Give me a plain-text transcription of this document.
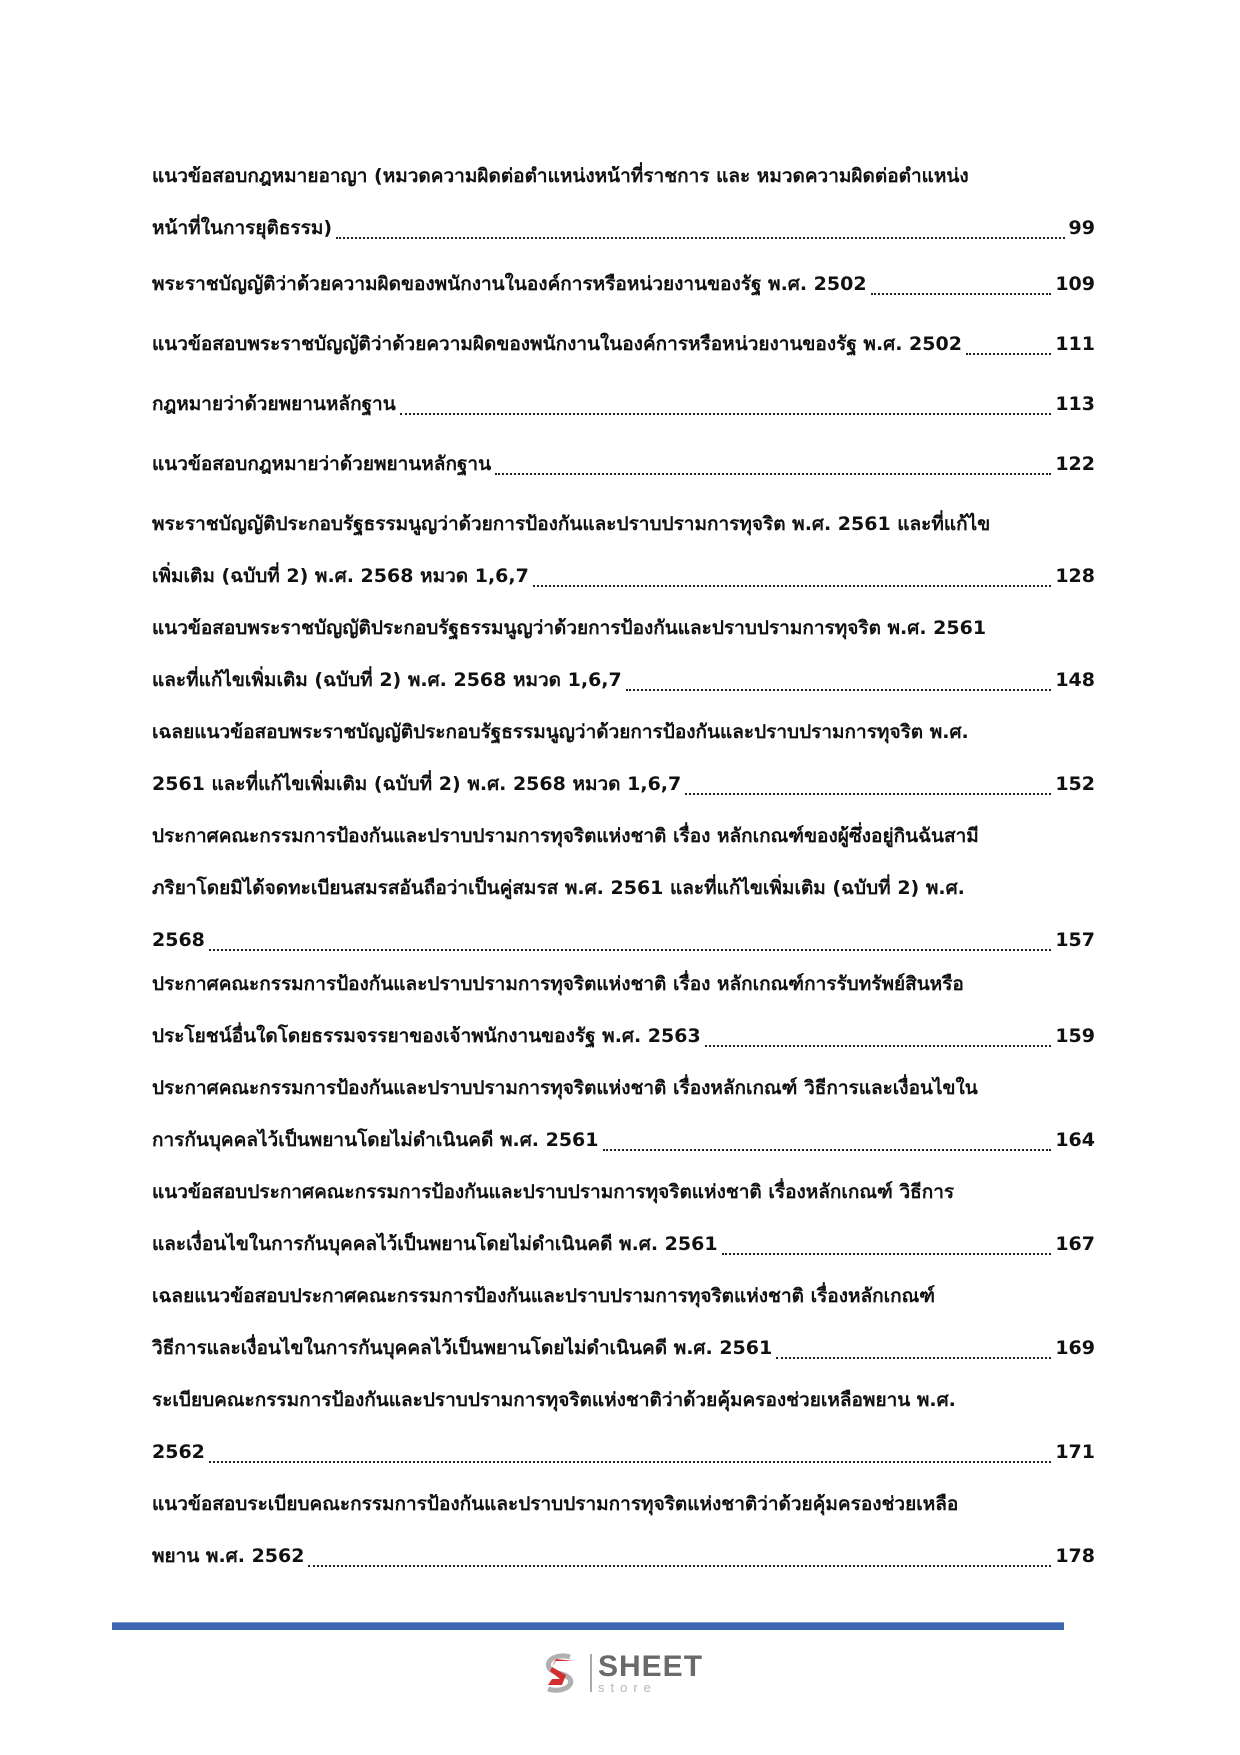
แนวข้อสอบกฎหมายอาญา (หมวดความผิดต่อตำแหน่งหน้าที่ราชการ และ หมวดความผิดต่อตำแหน่ง
หน้าที่ในการยุติธรรม)	99
พระราชบัญญัติว่าด้วยความผิดของพนักงานในองค์การหรือหน่วยงานของรัฐ พ.ศ. 2502	109
แนวข้อสอบพระราชบัญญัติว่าด้วยความผิดของพนักงานในองค์การหรือหน่วยงานของรัฐ พ.ศ. 2502	111
กฎหมายว่าด้วยพยานหลักฐาน	113
แนวข้อสอบกฎหมายว่าด้วยพยานหลักฐาน	122
พระราชบัญญัติประกอบรัฐธรรมนูญว่าด้วยการป้องกันและปราบปรามการทุจริต พ.ศ. 2561 และที่แก้ไข
เพิ่มเติม (ฉบับที่ 2) พ.ศ. 2568 หมวด 1,6,7	128
แนวข้อสอบพระราชบัญญัติประกอบรัฐธรรมนูญว่าด้วยการป้องกันและปราบปรามการทุจริต พ.ศ. 2561
และที่แก้ไขเพิ่มเติม (ฉบับที่ 2) พ.ศ. 2568 หมวด 1,6,7	148
เฉลยแนวข้อสอบพระราชบัญญัติประกอบรัฐธรรมนูญว่าด้วยการป้องกันและปราบปรามการทุจริต พ.ศ.
2561 และที่แก้ไขเพิ่มเติม (ฉบับที่ 2) พ.ศ. 2568 หมวด 1,6,7	152
ประกาศคณะกรรมการป้องกันและปราบปรามการทุจริตแห่งชาติ เรื่อง หลักเกณฑ์ของผู้ซึ่งอยู่กินฉันสามี
ภริยาโดยมิได้จดทะเบียนสมรสอันถือว่าเป็นคู่สมรส พ.ศ. 2561 และที่แก้ไขเพิ่มเติม (ฉบับที่ 2) พ.ศ.
2568	157
ประกาศคณะกรรมการป้องกันและปราบปรามการทุจริตแห่งชาติ เรื่อง หลักเกณฑ์การรับทรัพย์สินหรือ
ประโยชน์อื่นใดโดยธรรมจรรยาของเจ้าพนักงานของรัฐ พ.ศ. 2563	159
ประกาศคณะกรรมการป้องกันและปราบปรามการทุจริตแห่งชาติ เรื่องหลักเกณฑ์ วิธีการและเงื่อนไขใน
การกันบุคคลไว้เป็นพยานโดยไม่ดำเนินคดี พ.ศ. 2561	164
แนวข้อสอบประกาศคณะกรรมการป้องกันและปราบปรามการทุจริตแห่งชาติ เรื่องหลักเกณฑ์ วิธีการ
และเงื่อนไขในการกันบุคคลไว้เป็นพยานโดยไม่ดำเนินคดี พ.ศ. 2561	167
เฉลยแนวข้อสอบประกาศคณะกรรมการป้องกันและปราบปรามการทุจริตแห่งชาติ เรื่องหลักเกณฑ์
วิธีการและเงื่อนไขในการกันบุคคลไว้เป็นพยานโดยไม่ดำเนินคดี พ.ศ. 2561	169
ระเบียบคณะกรรมการป้องกันและปราบปรามการทุจริตแห่งชาติว่าด้วยคุ้มครองช่วยเหลือพยาน พ.ศ.
2562	171
แนวข้อสอบระเบียบคณะกรรมการป้องกันและปราบปรามการทุจริตแห่งชาติว่าด้วยคุ้มครองช่วยเหลือ
พยาน พ.ศ. 2562	178
SHEET
store
